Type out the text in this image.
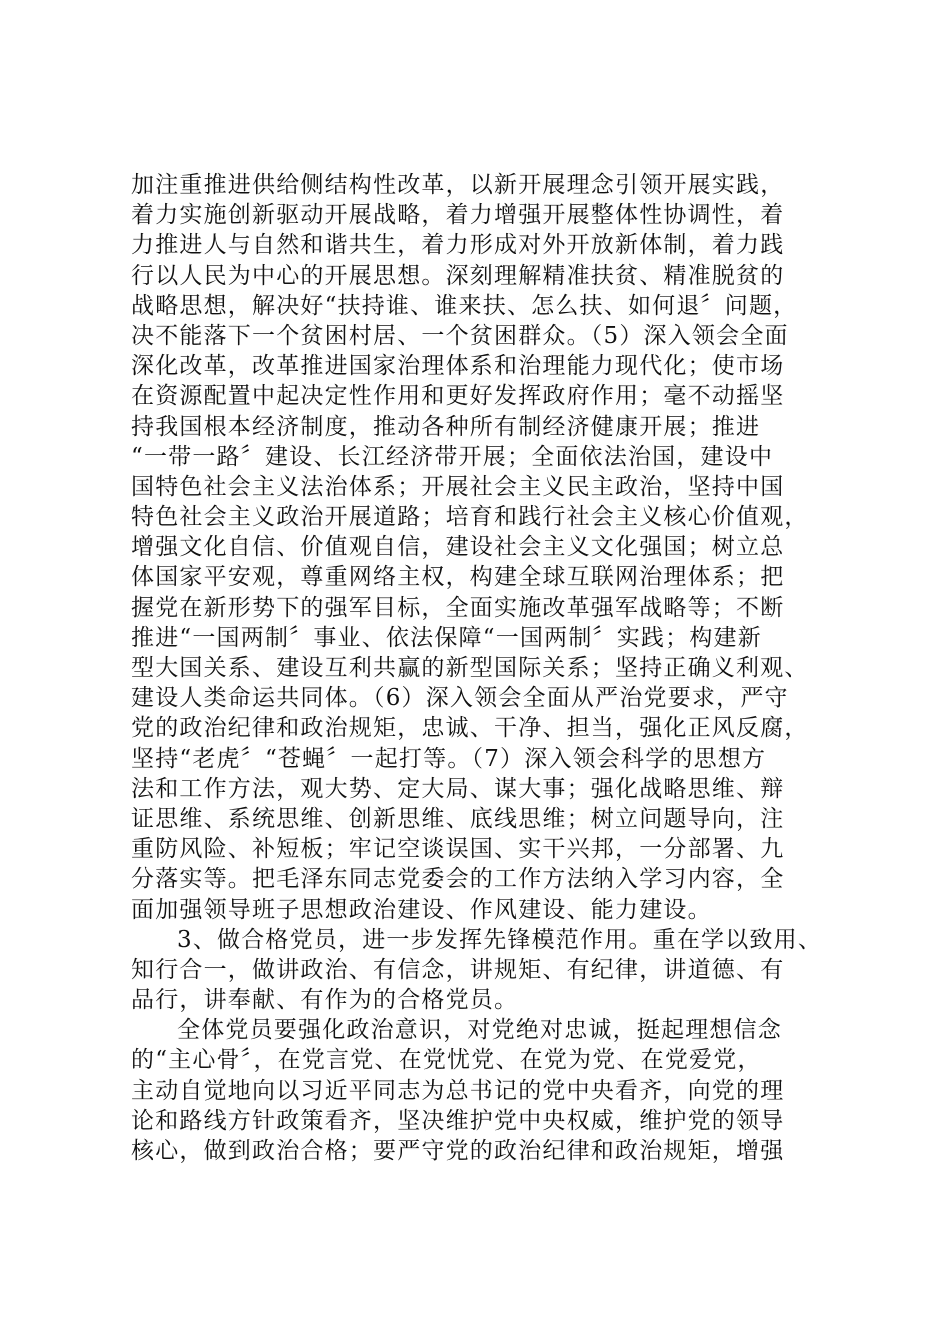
加注重推进供给侧结构性改革，以新开展理念引领开展实践，
着力实施创新驱动开展战略，着力增强开展整体性协调性，着
力推进人与自然和谐共生，着力形成对外开放新体制，着力践
行以人民为中心的开展思想。深刻理解精准扶贫、精准脱贫的
战略思想，解决好“扶持谁、谁来扶、怎么扶、如何退〞问题，
决不能落下一个贫困村居、一个贫困群众。（5）深入领会全面
深化改革，改革推进国家治理体系和治理能力现代化；使市场
在资源配置中起决定性作用和更好发挥政府作用；毫不动摇坚
持我国根本经济制度，推动各种所有制经济健康开展；推进
“一带一路〞建设、长江经济带开展；全面依法治国，建设中
国特色社会主义法治体系；开展社会主义民主政治，坚持中国
特色社会主义政治开展道路；培育和践行社会主义核心价值观，
增强文化自信、价值观自信，建设社会主义文化强国；树立总
体国家平安观，尊重网络主权，构建全球互联网治理体系；把
握党在新形势下的强军目标，全面实施改革强军战略等；不断
推进“一国两制〞事业、依法保障“一国两制〞实践；构建新
型大国关系、建设互利共赢的新型国际关系；坚持正确义利观、
建设人类命运共同体。（6）深入领会全面从严治党要求，严守
党的政治纪律和政治规矩，忠诚、干净、担当，强化正风反腐，
坚持“老虎〞“苍蝇〞一起打等。（7）深入领会科学的思想方
法和工作方法，观大势、定大局、谋大事；强化战略思维、辩
证思维、系统思维、创新思维、底线思维；树立问题导向，注
重防风险、补短板；牢记空谈误国、实干兴邦，一分部署、九
分落实等。把毛泽东同志党委会的工作方法纳入学习内容，全
面加强领导班子思想政治建设、作风建设、能力建设。
3、做合格党员，进一步发挥先锋模范作用。重在学以致用、
知行合一，做讲政治、有信念，讲规矩、有纪律，讲道德、有
品行，讲奉献、有作为的合格党员。
全体党员要强化政治意识，对党绝对忠诚，挺起理想信念
的“主心骨〞，在党言党、在党忧党、在党为党、在党爱党，
主动自觉地向以习近平同志为总书记的党中央看齐，向党的理
论和路线方针政策看齐，坚决维护党中央权威，维护党的领导
核心，做到政治合格；要严守党的政治纪律和政治规矩，增强
